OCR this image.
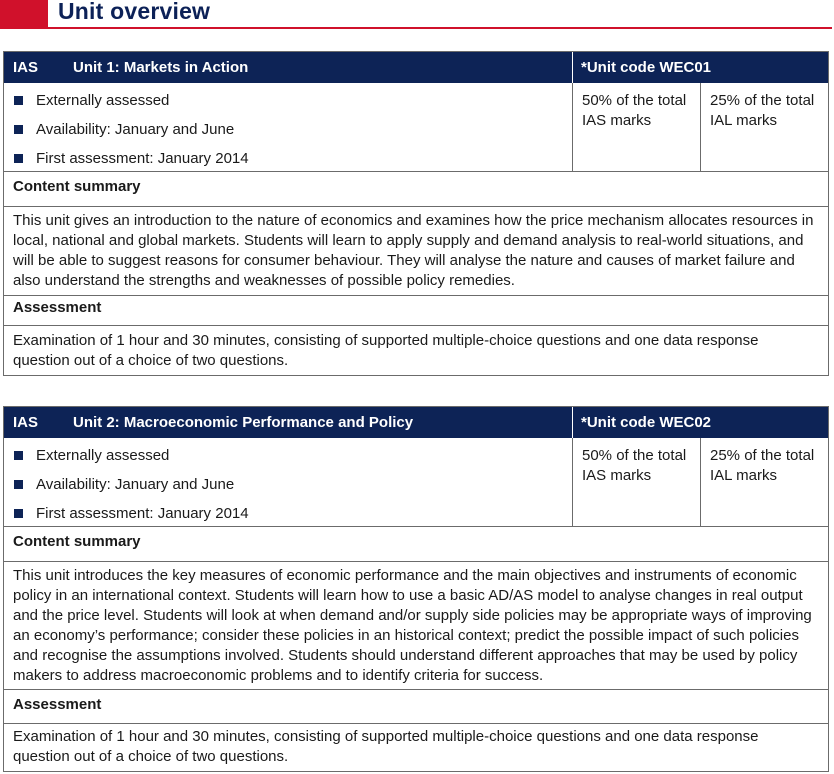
Unit overview
IAS Unit 1: Markets in Action	*Unit code WEC01
Externally assessed
Availability: January and June
First assessment: January 2014
50% of the total IAS marks
25% of the total IAL marks
Content summary
This unit gives an introduction to the nature of economics and examines how the price mechanism allocates resources in local, national and global markets. Students will learn to apply supply and demand analysis to real-world situations, and will be able to suggest reasons for consumer behaviour. They will analyse the nature and causes of market failure and also understand the strengths and weaknesses of possible policy remedies.
Assessment
Examination of 1 hour and 30 minutes, consisting of supported multiple-choice questions and one data response question out of a choice of two questions.
IAS Unit 2: Macroeconomic Performance and Policy	*Unit code WEC02
Externally assessed
Availability: January and June
First assessment: January 2014
50% of the total IAS marks
25% of the total IAL marks
Content summary
This unit introduces the key measures of economic performance and the main objectives and instruments of economic policy in an international context. Students will learn how to use a basic AD/AS model to analyse changes in real output and the price level. Students will look at when demand and/or supply side policies may be appropriate ways of improving an economy’s performance; consider these policies in an historical context; predict the possible impact of such policies and recognise the assumptions involved. Students should understand different approaches that may be used by policy makers to address macroeconomic problems and to identify criteria for success.
Assessment
Examination of 1 hour and 30 minutes, consisting of supported multiple-choice questions and one data response question out of a choice of two questions.
